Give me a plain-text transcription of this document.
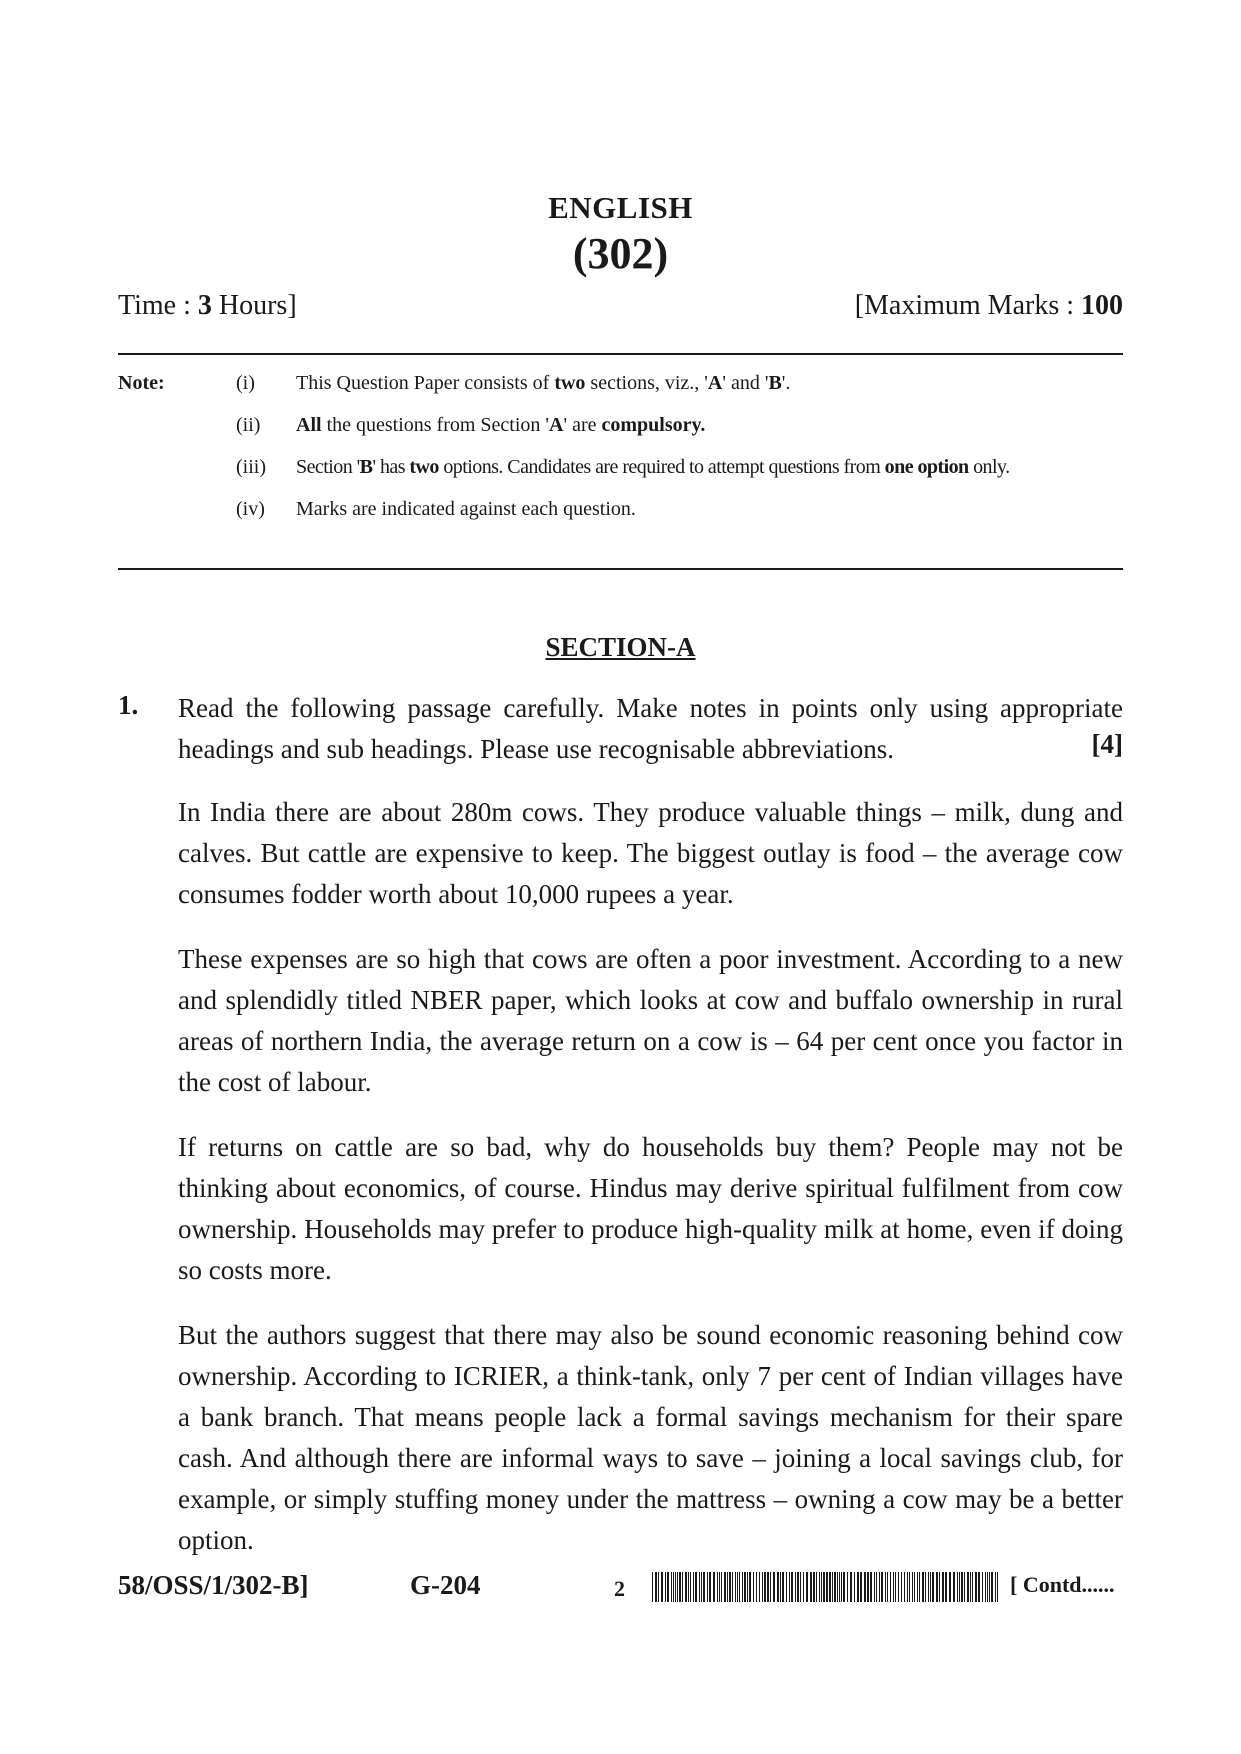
ENGLISH
(302)
Time : 3 Hours]	[Maximum Marks : 100
Note:	(i) This Question Paper consists of two sections, viz., 'A' and 'B'.
(ii) All the questions from Section 'A' are compulsory.
(iii) Section 'B' has two options. Candidates are required to attempt questions from one option only.
(iv) Marks are indicated against each question.
SECTION-A
1. Read the following passage carefully. Make notes in points only using appropriate
headings and sub headings. Please use recognisable abbreviations.	[4]

In India there are about 280m cows. They produce valuable things – milk, dung and calves. But cattle are expensive to keep. The biggest outlay is food – the average cow consumes fodder worth about 10,000 rupees a year.

These expenses are so high that cows are often a poor investment. According to a new and splendidly titled NBER paper, which looks at cow and buffalo ownership in rural areas of northern India, the average return on a cow is – 64 per cent once you factor in the cost of labour.

If returns on cattle are so bad, why do households buy them? People may not be thinking about economics, of course. Hindus may derive spiritual fulfilment from cow ownership. Households may prefer to produce high-quality milk at home, even if doing so costs more.

But the authors suggest that there may also be sound economic reasoning behind cow ownership. According to ICRIER, a think-tank, only 7 per cent of Indian villages have a bank branch. That means people lack a formal savings mechanism for their spare cash. And although there are informal ways to save – joining a local savings club, for example, or simply stuffing money under the mattress – owning a cow may be a better option.

58/OSS/1/302-B]	G-204	2	[ Contd......
